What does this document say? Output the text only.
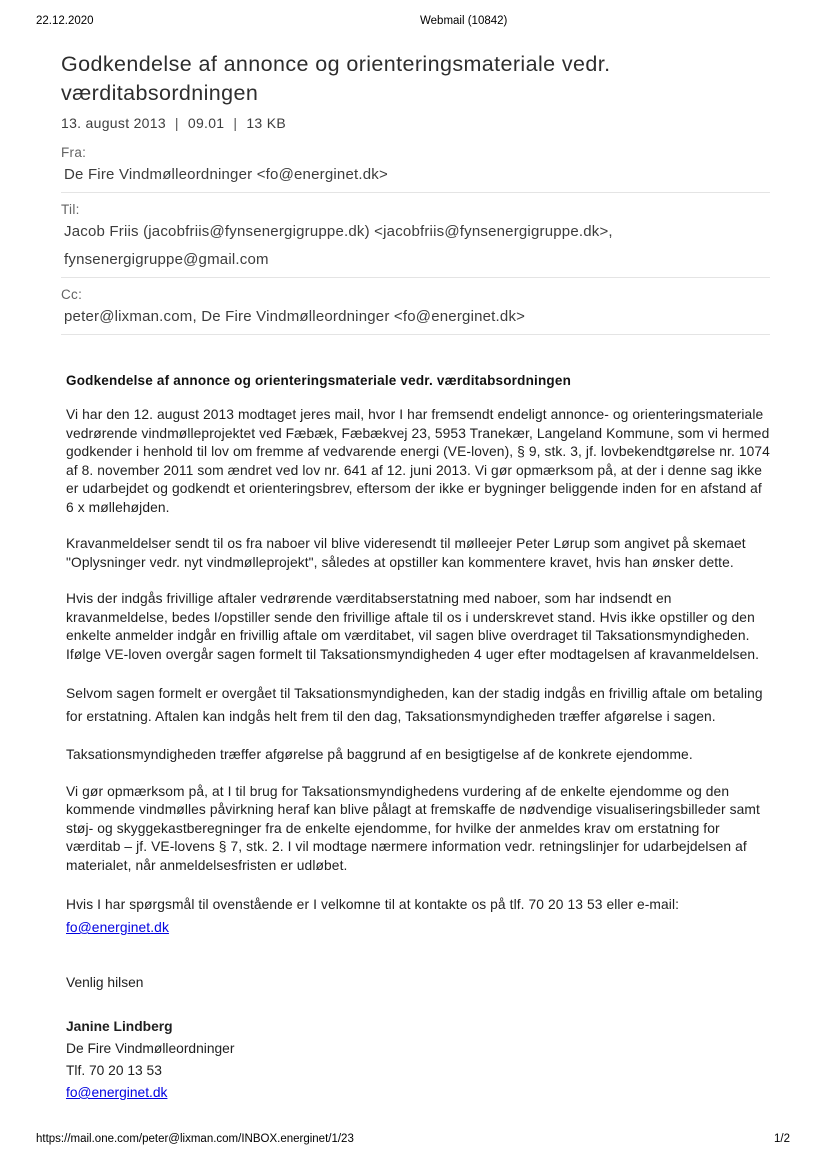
22.12.2020	Webmail (10842)
Godkendelse af annonce og orienteringsmateriale vedr. værditabsordningen
13. august 2013 | 09.01 | 13 KB
Fra:
De Fire Vindmølleordninger <fo@energinet.dk>
Til:
Jacob Friis (jacobfriis@fynsenergigruppe.dk) <jacobfriis@fynsenergigruppe.dk>,
fynsenergigruppe@gmail.com
Cc:
peter@lixman.com, De Fire Vindmølleordninger <fo@energinet.dk>
Godkendelse af annonce og orienteringsmateriale vedr. værditabsordningen

Vi har den 12. august 2013 modtaget jeres mail, hvor I har fremsendt endeligt annonce- og orienteringsmateriale vedrørende vindmølleprojektet ved Fæbæk, Fæbækvej 23, 5953 Tranekær, Langeland Kommune, som vi hermed godkender i henhold til lov om fremme af vedvarende energi (VE-loven), § 9, stk. 3, jf. lovbekendtgørelse nr. 1074 af 8. november 2011 som ændret ved lov nr. 641 af 12. juni 2013. Vi gør opmærksom på, at der i denne sag ikke er udarbejdet og godkendt et orienteringsbrev, eftersom der ikke er bygninger beliggende inden for en afstand af 6 x møllehøjden.

Kravanmeldelser sendt til os fra naboer vil blive videresendt til mølleejer Peter Lørup som angivet på skemaet "Oplysninger vedr. nyt vindmølleprojekt", således at opstiller kan kommentere kravet, hvis han ønsker dette.

Hvis der indgås frivillige aftaler vedrørende værditabserstatning med naboer, som har indsendt en kravanmeldelse, bedes I/opstiller sende den frivillige aftale til os i underskrevet stand. Hvis ikke opstiller og den enkelte anmelder indgår en frivillig aftale om værditabet, vil sagen blive overdraget til Taksationsmyndigheden. Ifølge VE-loven overgår sagen formelt til Taksationsmyndigheden 4 uger efter modtagelsen af kravanmeldelsen.

Selvom sagen formelt er overgået til Taksationsmyndigheden, kan der stadig indgås en frivillig aftale om betaling for erstatning. Aftalen kan indgås helt frem til den dag, Taksationsmyndigheden træffer afgørelse i sagen.

Taksationsmyndigheden træffer afgørelse på baggrund af en besigtigelse af de konkrete ejendomme.

Vi gør opmærksom på, at I til brug for Taksationsmyndighedens vurdering af de enkelte ejendomme og den kommende vindmølles påvirkning heraf kan blive pålagt at fremskaffe de nødvendige visualiseringsbilleder samt støj- og skyggekastberegninger fra de enkelte ejendomme, for hvilke der anmeldes krav om erstatning for værditab – jf. VE-lovens § 7, stk. 2. I vil modtage nærmere information vedr. retningslinjer for udarbejdelsen af materialet, når anmeldelsesfristen er udløbet.

Hvis I har spørgsmål til ovenstående er I velkomne til at kontakte os på tlf. 70 20 13 53 eller e-mail:
fo@energinet.dk

Venlig hilsen
Janine Lindberg
De Fire Vindmølleordninger
Tlf. 70 20 13 53
fo@energinet.dk
https://mail.one.com/peter@lixman.com/INBOX.energinet/1/23	1/2
